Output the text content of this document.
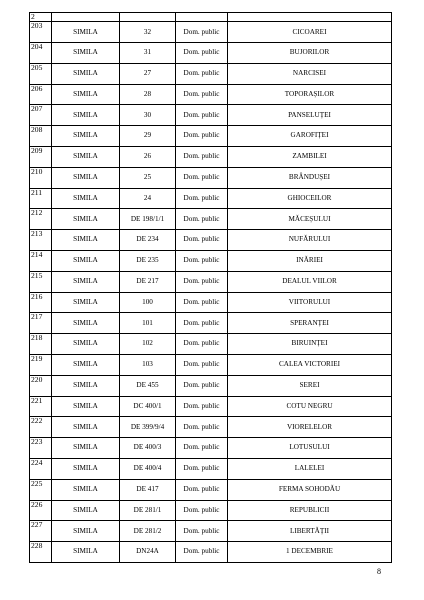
2				
203	SIMILA	32	Dom. public	CICOAREI
204	SIMILA	31	Dom. public	BUJORILOR
205	SIMILA	27	Dom. public	NARCISEI
206	SIMILA	28	Dom. public	TOPORAȘILOR
207	SIMILA	30	Dom. public	PANSELUȚEI
208	SIMILA	29	Dom. public	GAROFIȚEI
209	SIMILA	26	Dom. public	ZAMBILEI
210	SIMILA	25	Dom. public	BRÂNDUȘEI
211	SIMILA	24	Dom. public	GHIOCEILOR
212	SIMILA	DE 198/1/1	Dom. public	MĂCEȘULUI
213	SIMILA	DE 234	Dom. public	NUFĂRULUI
214	SIMILA	DE 235	Dom. public	INĂRIEI
215	SIMILA	DE 217	Dom. public	DEALUL VIILOR
216	SIMILA	100	Dom. public	VIITORULUI
217	SIMILA	101	Dom. public	SPERANȚEI
218	SIMILA	102	Dom. public	BIRUINȚEI
219	SIMILA	103	Dom. public	CALEA VICTORIEI
220	SIMILA	DE 455	Dom. public	SEREI
221	SIMILA	DC 400/1	Dom. public	COTU NEGRU
222	SIMILA	DE 399/9/4	Dom. public	VIORELELOR
223	SIMILA	DE 400/3	Dom. public	LOTUSULUI
224	SIMILA	DE 400/4	Dom. public	LALELEI
225	SIMILA	DE 417	Dom. public	FERMA SOHODĂU
226	SIMILA	DE 281/1	Dom. public	REPUBLICII
227	SIMILA	DE 281/2	Dom. public	LIBERTĂȚII
228	SIMILA	DN24A	Dom. public	1 DECEMBRIE
8
